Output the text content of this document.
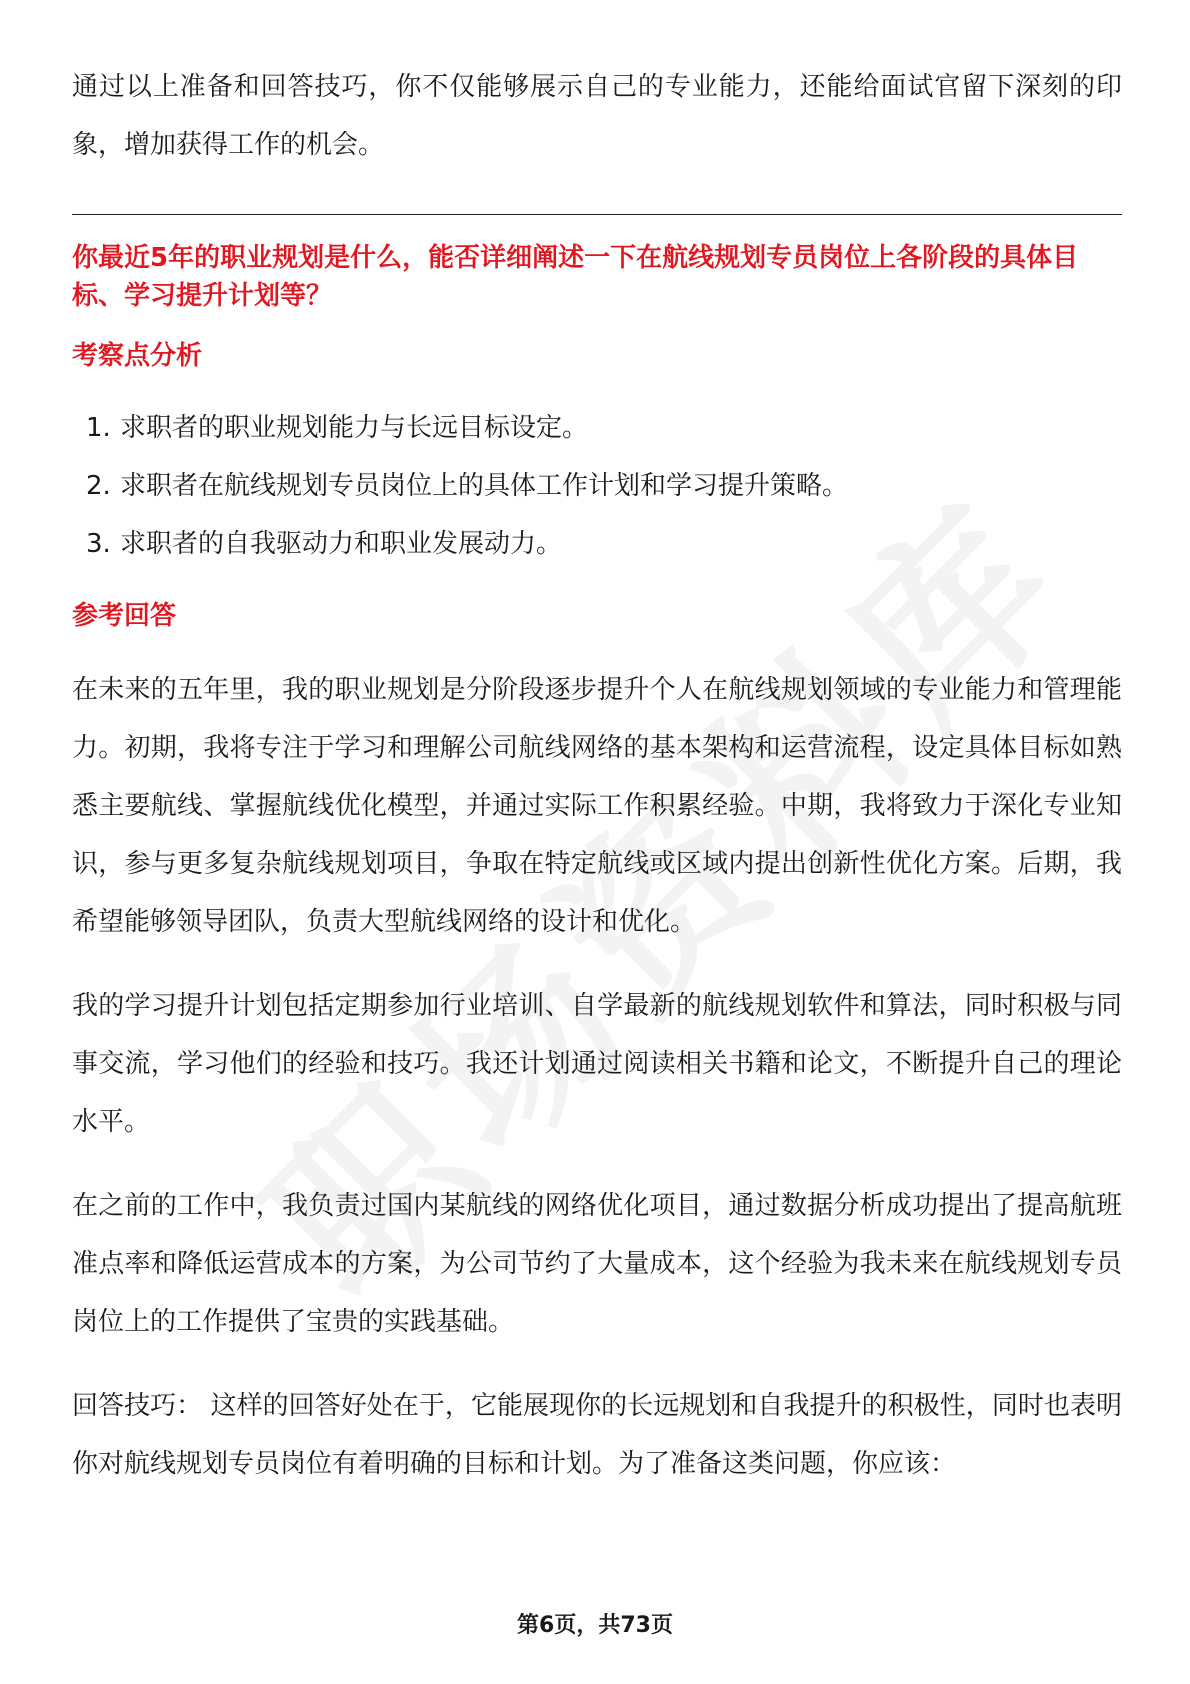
通过以上准备和回答技巧，你不仅能够展示自己的专业能力，还能给面试官留下深刻的印象，增加获得工作的机会。

你最近5年的职业规划是什么，能否详细阐述一下在航线规划专员岗位上各阶段的具体目标、学习提升计划等？
考察点分析
1. 求职者的职业规划能力与长远目标设定。
2. 求职者在航线规划专员岗位上的具体工作计划和学习提升策略。
3. 求职者的自我驱动力和职业发展动力。
参考回答

在未来的五年里，我的职业规划是分阶段逐步提升个人在航线规划领域的专业能力和管理能力。初期，我将专注于学习和理解公司航线网络的基本架构和运营流程，设定具体目标如熟悉主要航线、掌握航线优化模型，并通过实际工作积累经验。中期，我将致力于深化专业知识，参与更多复杂航线规划项目，争取在特定航线或区域内提出创新性优化方案。后期，我希望能够领导团队，负责大型航线网络的设计和优化。

我的学习提升计划包括定期参加行业培训、自学最新的航线规划软件和算法，同时积极与同事交流，学习他们的经验和技巧。我还计划通过阅读相关书籍和论文，不断提升自己的理论水平。

在之前的工作中，我负责过国内某航线的网络优化项目，通过数据分析成功提出了提高航班准点率和降低运营成本的方案，为公司节约了大量成本，这个经验为我未来在航线规划专员岗位上的工作提供了宝贵的实践基础。

回答技巧： 这样的回答好处在于，它能展现你的长远规划和自我提升的积极性，同时也表明你对航线规划专员岗位有着明确的目标和计划。为了准备这类问题，你应该：

第6页，共73页
